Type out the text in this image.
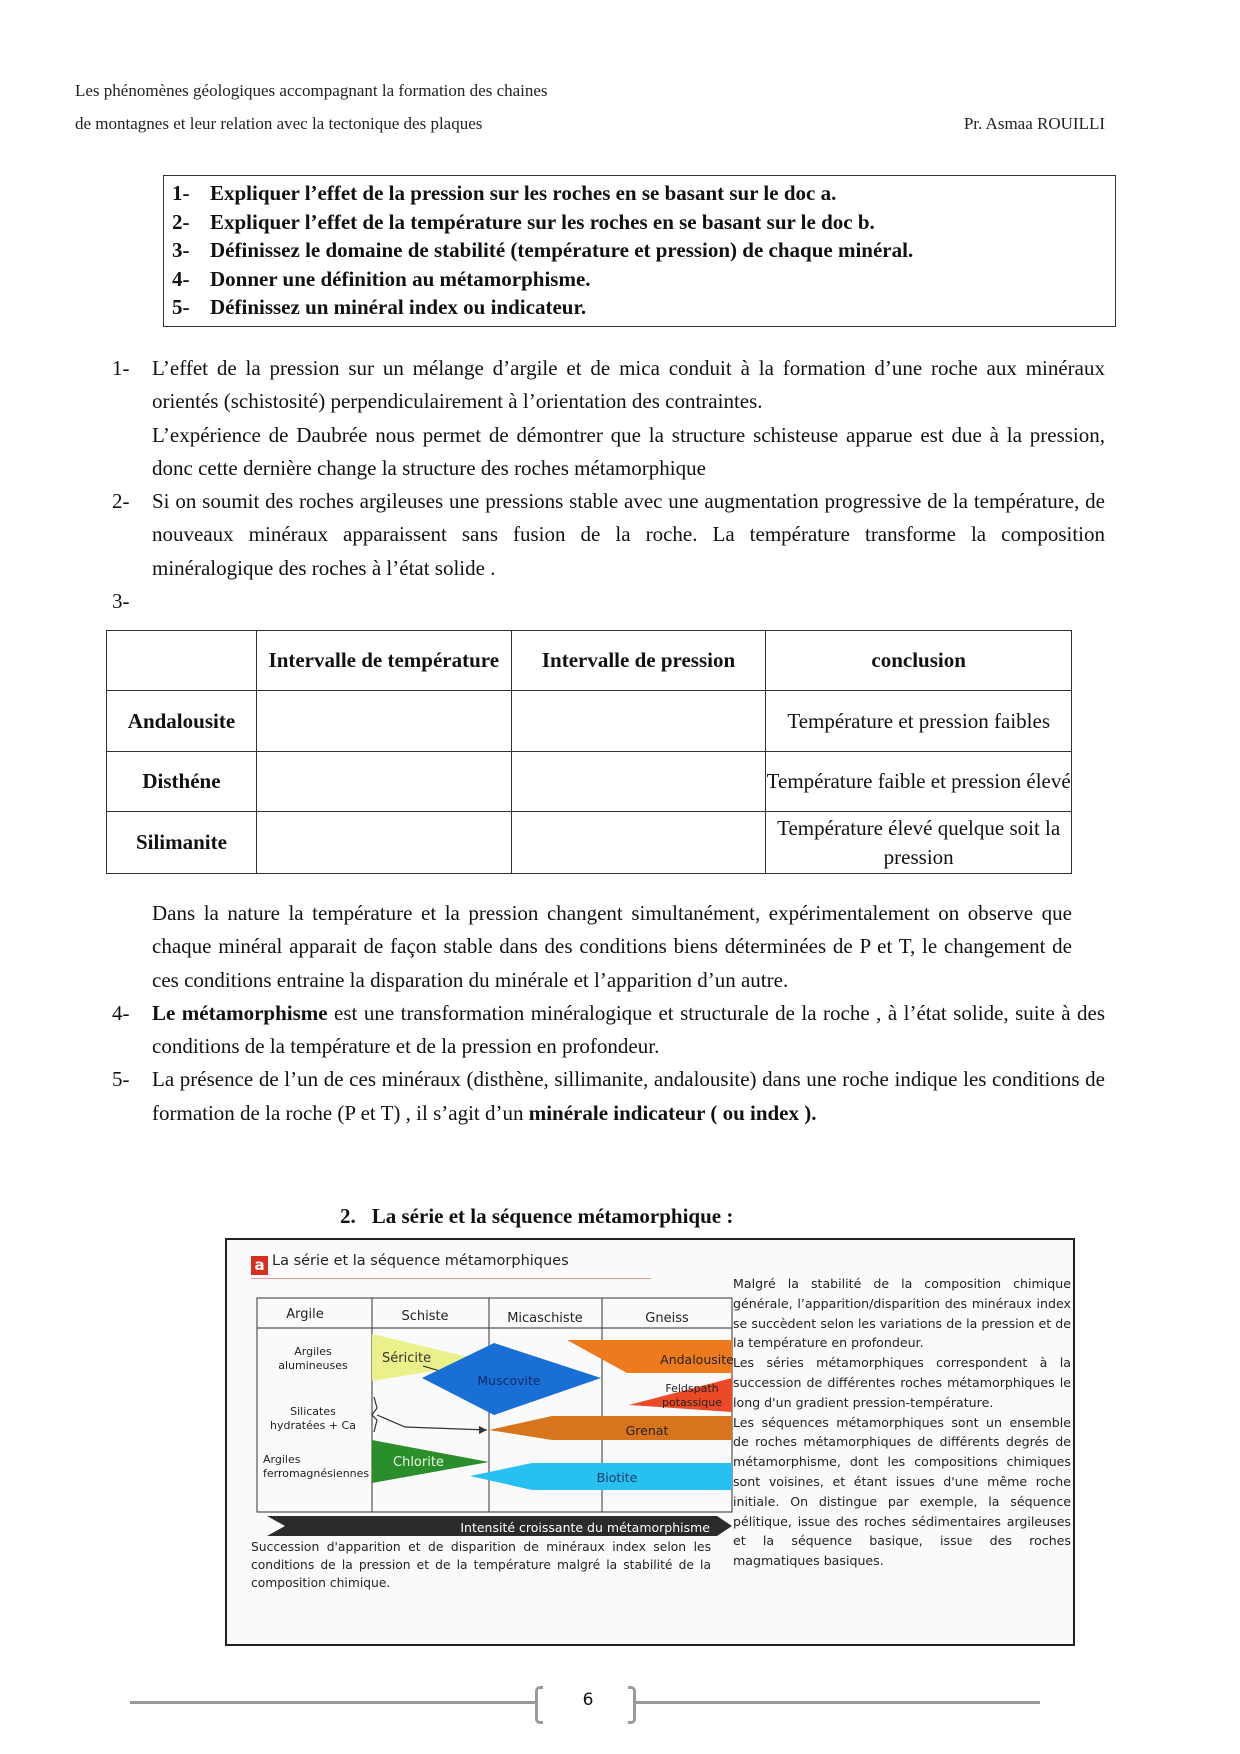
Les phénomènes géologiques accompagnant la formation des chaines
de montagnes et leur relation avec la tectonique des plaques	Pr. Asmaa ROUILLI
1- Expliquer l’effet de la pression sur les roches en se basant sur le doc a.
2- Expliquer l’effet de la température sur les roches en se basant sur le doc b.
3- Définissez le domaine de stabilité (température et pression) de chaque minéral.
4- Donner une définition au métamorphisme.
5- Définissez un minéral index ou indicateur.
1-	L’effet de la pression sur un mélange d’argile et de mica conduit à la formation d’une roche aux minéraux orientés (schistosité) perpendiculairement à l’orientation des contraintes.
L’expérience de Daubrée nous permet de démontrer que la structure schisteuse apparue est due à la pression, donc cette dernière change la structure des roches métamorphique
2-	Si on soumit des roches argileuses une pressions stable avec une augmentation progressive de la température, de nouveaux minéraux apparaissent sans fusion de la roche. La température transforme la composition minéralogique des roches à l’état solide .
3-
	Intervalle de température	Intervalle de pression	conclusion
Andalousite			Température et pression faibles
Disthéne			Température faible et pression élevé
Silimanite			Température élevé quelque soit la pression
Dans la nature la température et la pression changent simultanément, expérimentalement on observe que chaque minéral apparait de façon stable dans des conditions biens déterminées de P et T, le changement de ces conditions entraine la disparation du minérale et l’apparition d’un autre.
4-	Le métamorphisme est une transformation minéralogique et structurale de la roche , à l’état solide, suite à des conditions de la température et de la pression en profondeur.
5-	La présence de l’un de ces minéraux (disthène, sillimanite, andalousite) dans une roche indique les conditions de formation de la roche (P et T) , il s’agit d’un minérale indicateur ( ou index ).
2. La série et la séquence métamorphique :
a La série et la séquence métamorphiques
Argile	Schiste	Micaschiste	Gneiss
Argiles
alumineuses
Silicates
hydratées + Ca
Argiles
ferromagnésiennes
Séricite	Andalousite
Feldspath
potassique
Muscovite
Grenat
Chlorite
Biotite
Intensité croissante du métamorphisme
Succession d'apparition et de disparition de minéraux index selon les conditions de la pression et de la température malgré la stabilité de la composition chimique.

Malgré la stabilité de la composition chimique générale, l’apparition/disparition des minéraux index se succèdent selon les variations de la pression et de la température en profondeur.

Les séries métamorphiques correspondent à la succession de différentes roches métamorphiques le long d'un gradient pression-température.

Les séquences métamorphiques sont un ensemble de roches métamorphiques de différents degrés de métamorphisme, dont les compositions chimiques sont voisines, et étant issues d'une même roche initiale. On distingue par exemple, la séquence pélitique, issue des roches sédimentaires argileuses et la séquence basique, issue des roches magmatiques basiques.

6
